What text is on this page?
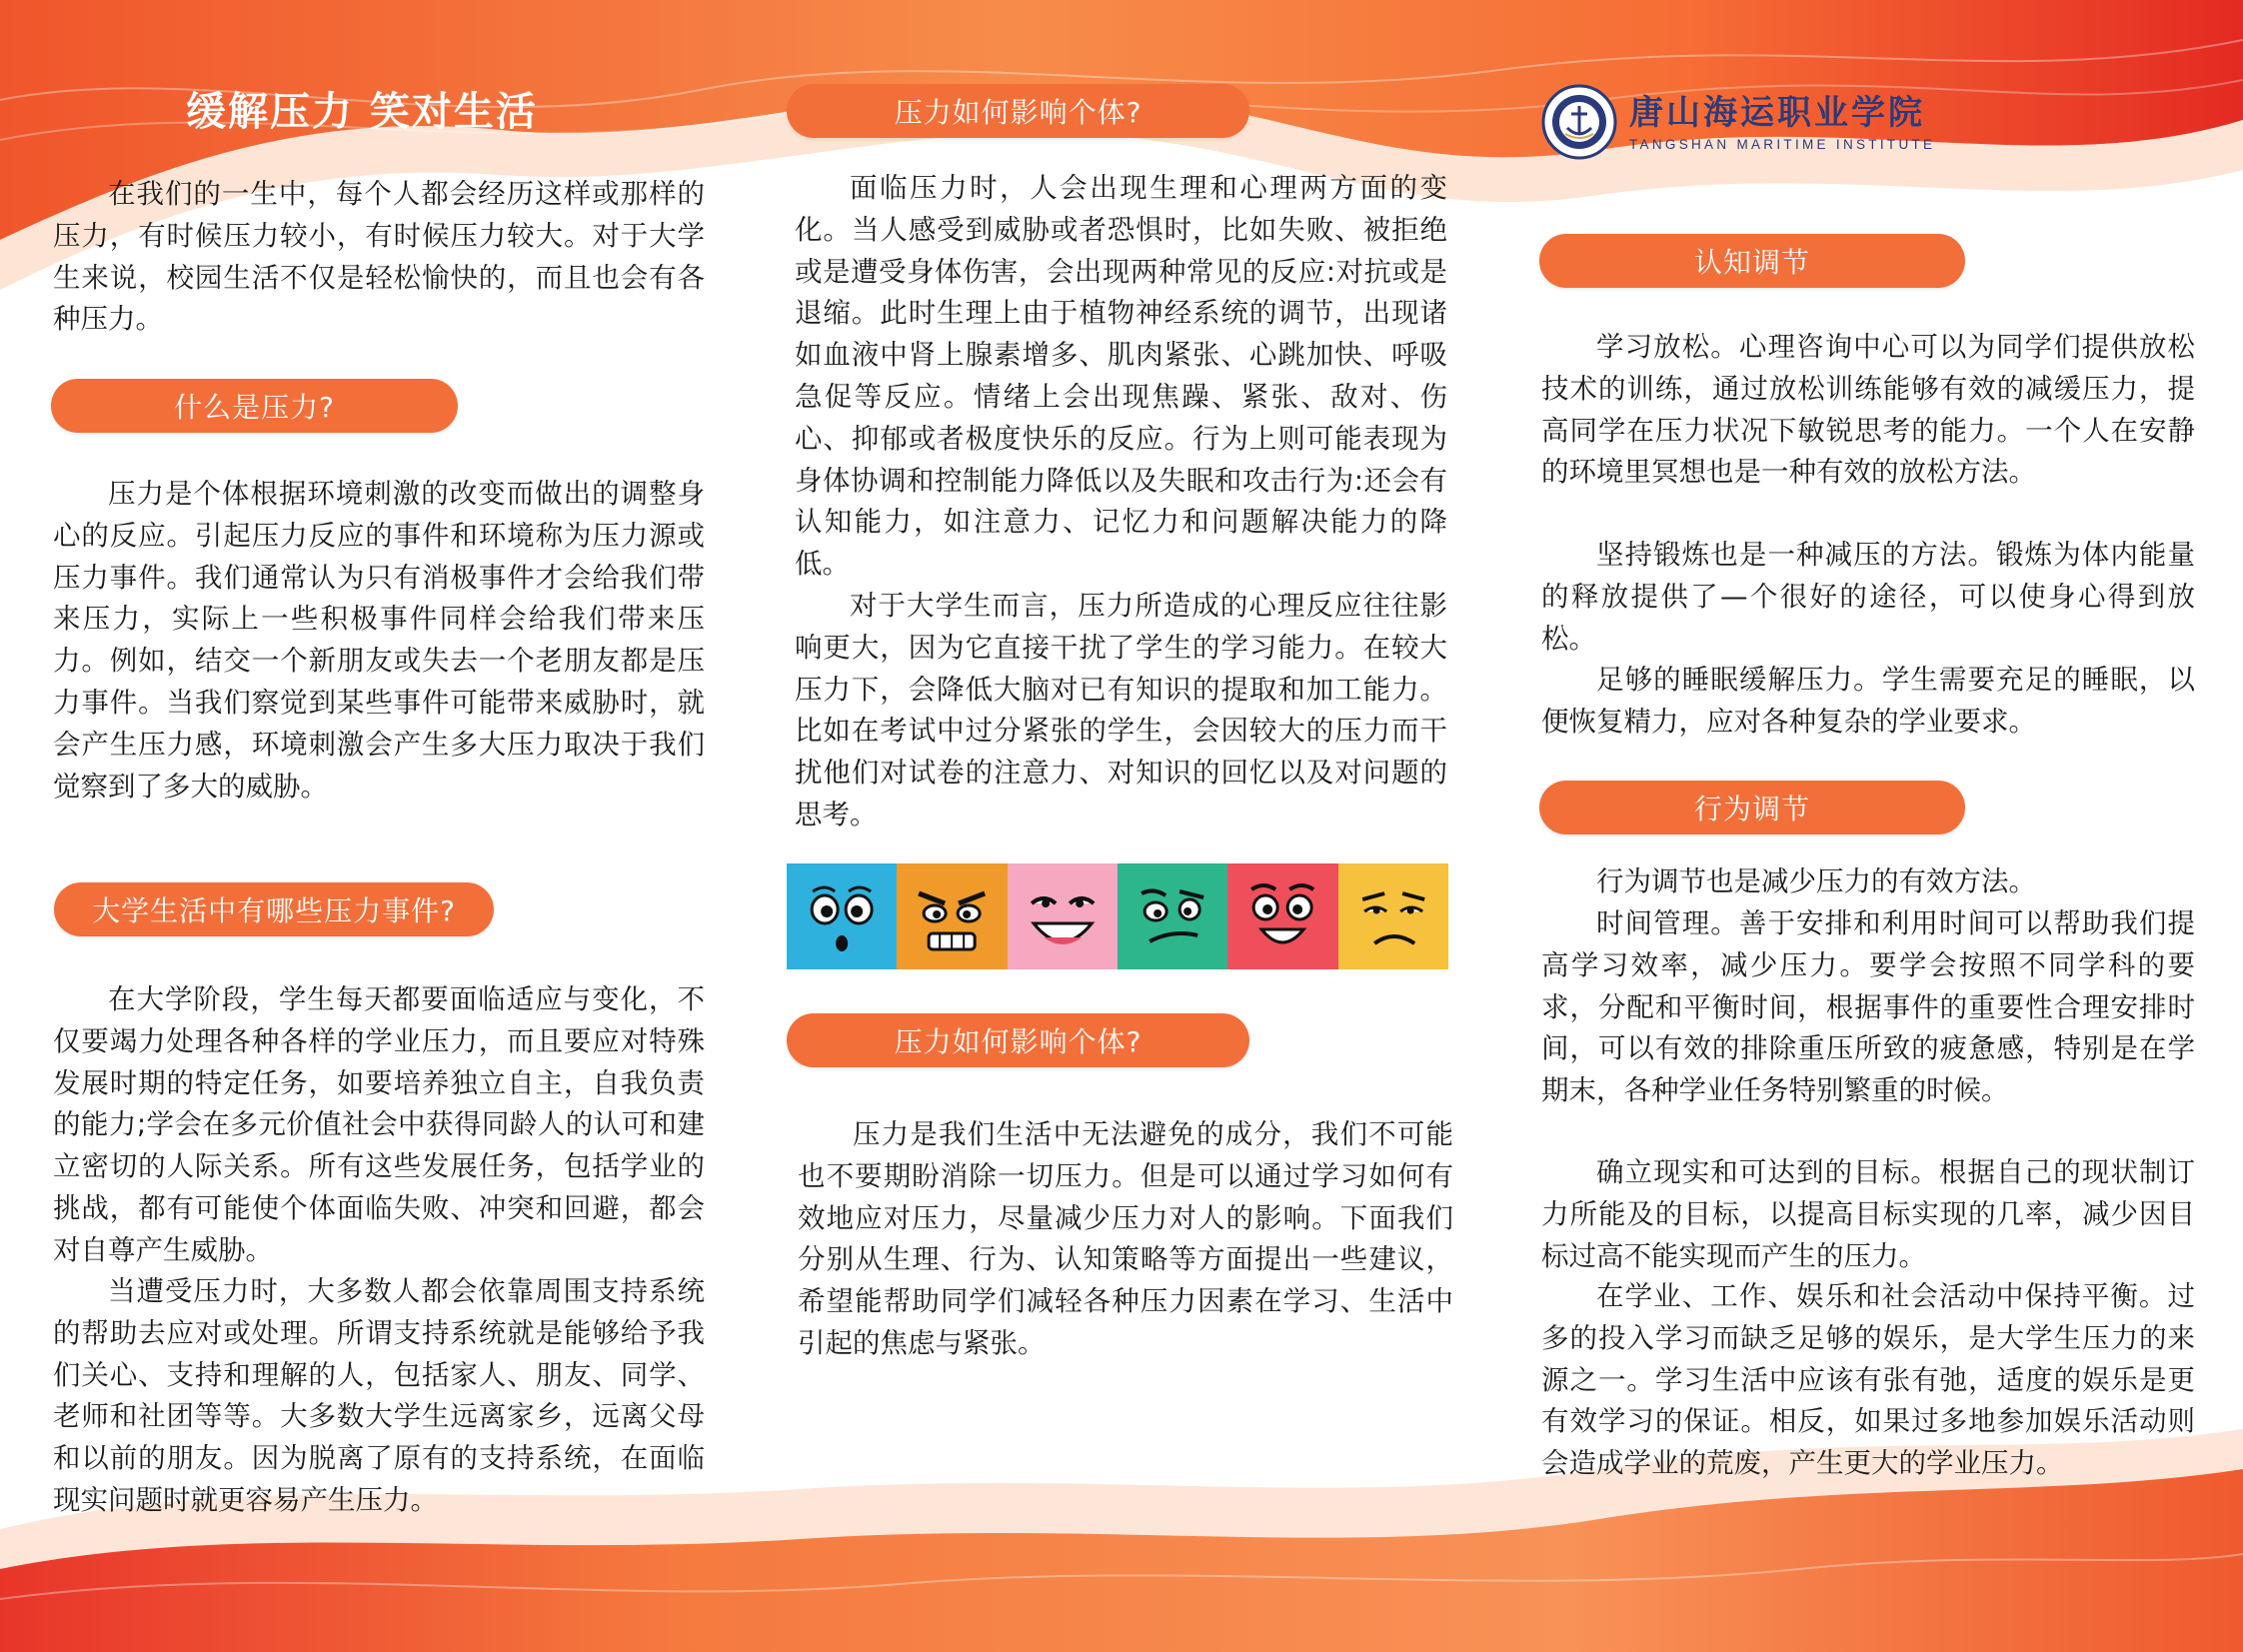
缓解压力 笑对生活

在我们的一生中，每个人都会经历这样或那样的压力，有时候压力较小，有时候压力较大。对于大学生来说，校园生活不仅是轻松愉快的，而且也会有各种压力。

什么是压力?

压力是个体根据环境刺激的改变而做出的调整身心的反应。引起压力反应的事件和环境称为压力源或压力事件。我们通常认为只有消极事件才会给我们带来压力，实际上一些积极事件同样会给我们带来压力。例如，结交一个新朋友或失去一个老朋友都是压力事件。当我们察觉到某些事件可能带来威胁时，就会产生压力感，环境刺激会产生多大压力取决于我们觉察到了多大的威胁。

大学生活中有哪些压力事件?

在大学阶段，学生每天都要面临适应与变化，不仅要竭力处理各种各样的学业压力，而且要应对特殊发展时期的特定任务，如要培养独立自主，自我负责的能力;学会在多元价值社会中获得同龄人的认可和建立密切的人际关系。所有这些发展任务，包括学业的挑战，都有可能使个体面临失败、冲突和回避，都会对自尊产生威胁。

当遭受压力时，大多数人都会依靠周围支持系统的帮助去应对或处理。所谓支持系统就是能够给予我们关心、支持和理解的人，包括家人、朋友、同学、老师和社团等等。大多数大学生远离家乡，远离父母和以前的朋友。因为脱离了原有的支持系统，在面临现实问题时就更容易产生压力。

压力如何影响个体?

面临压力时，人会出现生理和心理两方面的变化。当人感受到威胁或者恐惧时，比如失败、被拒绝或是遭受身体伤害，会出现两种常见的反应:对抗或是退缩。此时生理上由于植物神经系统的调节，出现诸如血液中肾上腺素增多、肌肉紧张、心跳加快、呼吸急促等反应。情绪上会出现焦躁、紧张、敌对、伤心、抑郁或者极度快乐的反应。行为上则可能表现为身体协调和控制能力降低以及失眠和攻击行为:还会有认知能力，如注意力、记忆力和问题解决能力的降低。

对于大学生而言，压力所造成的心理反应往往影响更大，因为它直接干扰了学生的学习能力。在较大压力下，会降低大脑对已有知识的提取和加工能力。比如在考试中过分紧张的学生，会因较大的压力而干扰他们对试卷的注意力、对知识的回忆以及对问题的思考。

压力如何影响个体?

压力是我们生活中无法避免的成分，我们不可能也不要期盼消除一切压力。但是可以通过学习如何有效地应对压力，尽量减少压力对人的影响。下面我们分别从生理、行为、认知策略等方面提出一些建议，希望能帮助同学们减轻各种压力因素在学习、生活中引起的焦虑与紧张。

唐山海运职业学院
TANGSHAN MARITIME INSTITUTE
认知调节

学习放松。心理咨询中心可以为同学们提供放松技术的训练，通过放松训练能够有效的减缓压力，提高同学在压力状况下敏锐思考的能力。一个人在安静的环境里冥想也是一种有效的放松方法。

坚持锻炼也是一种减压的方法。锻炼为体内能量的释放提供了—个很好的途径，可以使身心得到放松。

足够的睡眠缓解压力。学生需要充足的睡眠，以便恢复精力，应对各种复杂的学业要求。

行为调节

行为调节也是减少压力的有效方法。

时间管理。善于安排和利用时间可以帮助我们提高学习效率，减少压力。要学会按照不同学科的要求，分配和平衡时间，根据事件的重要性合理安排时间，可以有效的排除重压所致的疲惫感，特别是在学期末，各种学业任务特别繁重的时候。

确立现实和可达到的目标。根据自己的现状制订力所能及的目标，以提高目标实现的几率，减少因目标过高不能实现而产生的压力。

在学业、工作、娱乐和社会活动中保持平衡。过多的投入学习而缺乏足够的娱乐，是大学生压力的来源之一。学习生活中应该有张有弛，适度的娱乐是更有效学习的保证。相反，如果过多地参加娱乐活动则会造成学业的荒废，产生更大的学业压力。
